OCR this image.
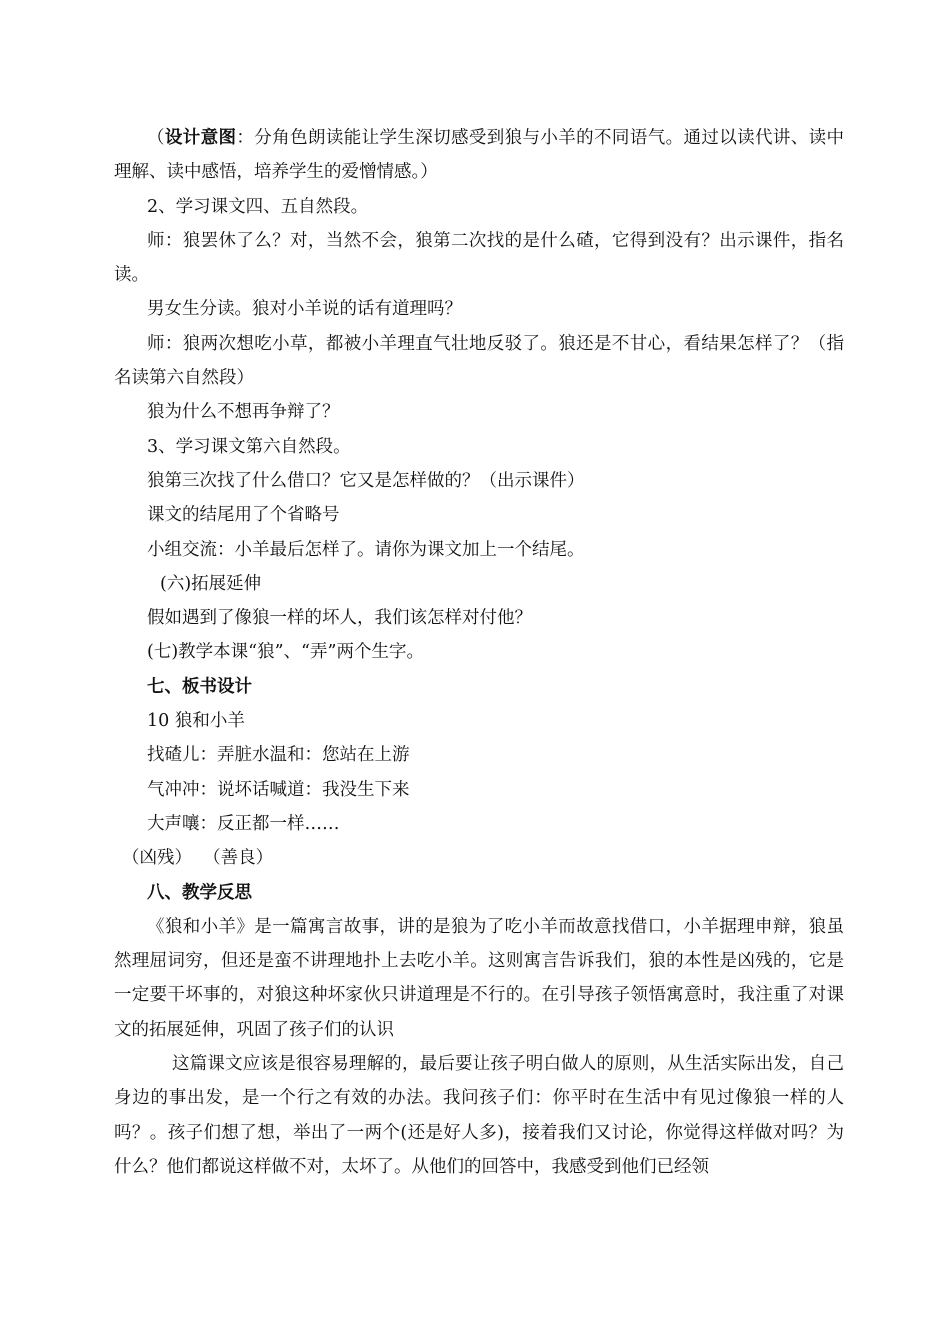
（设计意图：分角色朗读能让学生深切感受到狼与小羊的不同语气。通过以读代讲、读中理解、读中感悟，培养学生的爱憎情感。）
2、学习课文四、五自然段。
师：狼罢休了么？对，当然不会，狼第二次找的是什么碴，它得到没有？出示课件，指名读。
男女生分读。狼对小羊说的话有道理吗？
师：狼两次想吃小草，都被小羊理直气壮地反驳了。狼还是不甘心，看结果怎样了？（指名读第六自然段）
狼为什么不想再争辩了？
3、学习课文第六自然段。
狼第三次找了什么借口？它又是怎样做的？（出示课件）
课文的结尾用了个省略号
小组交流：小羊最后怎样了。请你为课文加上一个结尾。
(六)拓展延伸
假如遇到了像狼一样的坏人，我们该怎样对付他？
(七)教学本课“狼”、“弄”两个生字。
七、板书设计
10 狼和小羊
找碴儿：弄脏水温和：您站在上游
气冲冲：说坏话喊道：我没生下来
大声嚷：反正都一样……
（凶残）  （善良）
八、教学反思
《狼和小羊》是一篇寓言故事，讲的是狼为了吃小羊而故意找借口，小羊据理申辩，狼虽然理屈词穷，但还是蛮不讲理地扑上去吃小羊。这则寓言告诉我们，狼的本性是凶残的，它是一定要干坏事的，对狼这种坏家伙只讲道理是不行的。在引导孩子领悟寓意时，我注重了对课文的拓展延伸，巩固了孩子们的认识
这篇课文应该是很容易理解的，最后要让孩子明白做人的原则，从生活实际出发，自己身边的事出发，是一个行之有效的办法。我问孩子们：你平时在生活中有见过像狼一样的人吗？。孩子们想了想，举出了一两个(还是好人多)，接着我们又讨论，你觉得这样做对吗？为什么？他们都说这样做不对，太坏了。从他们的回答中，我感受到他们已经领
